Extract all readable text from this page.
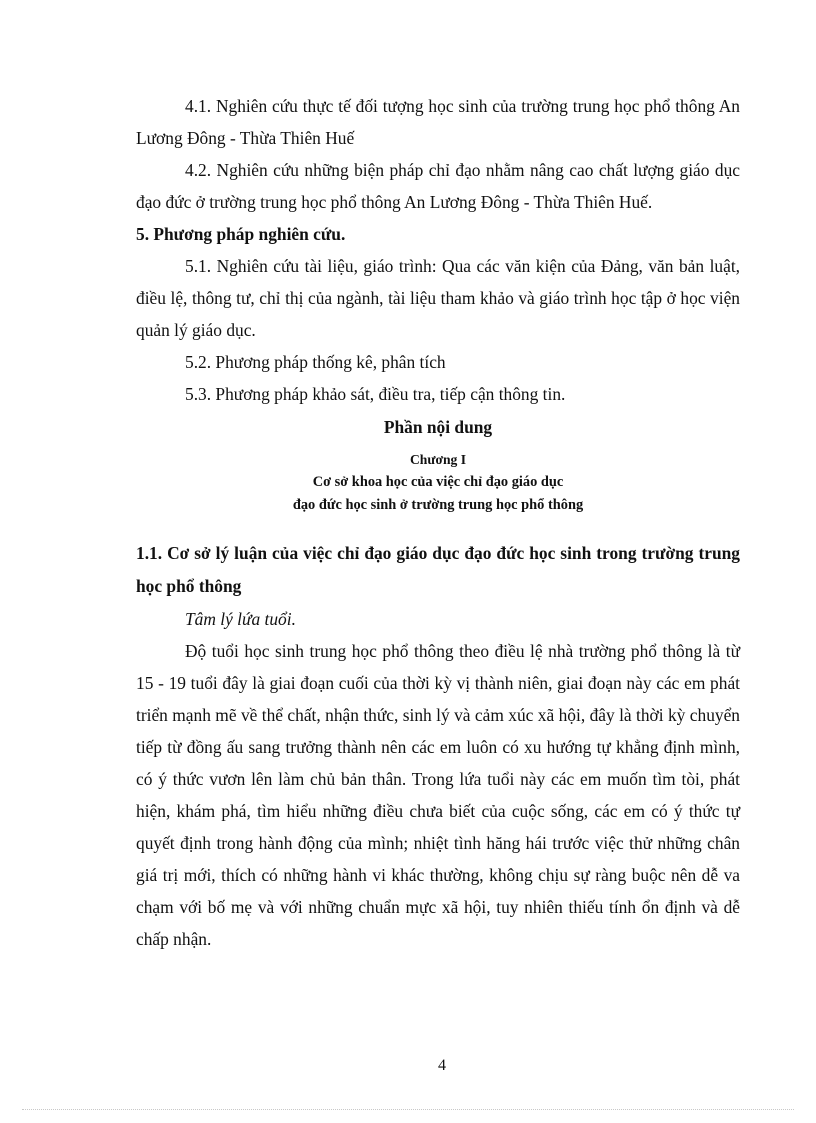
4.1. Nghiên cứu thực tế đối tượng học sinh của trường trung học phổ thông An Lương Đông - Thừa Thiên Huế

4.2. Nghiên cứu những biện pháp chỉ đạo nhằm nâng cao chất lượng giáo dục đạo đức ở trường trung học phổ thông An Lương Đông - Thừa Thiên Huế.

5. Phương pháp nghiên cứu.

5.1. Nghiên cứu tài liệu, giáo trình: Qua các văn kiện của Đảng, văn bản luật, điều lệ, thông tư, chỉ thị của ngành, tài liệu tham khảo và giáo trình học tập ở học viện quản lý giáo dục.

5.2. Phương pháp thống kê, phân tích

5.3. Phương pháp khảo sát, điều tra, tiếp cận thông tin.

Phần nội dung

Chương I

Cơ sở khoa học của việc chỉ đạo giáo dục

đạo đức học sinh ở trường trung học phổ thông

1.1. Cơ sở lý luận của việc chỉ đạo giáo dục đạo đức học sinh trong trường trung học phổ thông

Tâm lý lứa tuổi.

Độ tuổi học sinh trung học phổ thông theo điều lệ nhà trường phổ thông là từ 15 - 19 tuổi đây là giai đoạn cuối của thời kỳ vị thành niên, giai đoạn này các em phát triển mạnh mẽ về thể chất, nhận thức, sinh lý và cảm xúc xã hội, đây là thời kỳ chuyển tiếp từ đồng ấu sang trưởng thành nên các em luôn có xu hướng tự khẳng định mình, có ý thức vươn lên làm chủ bản thân. Trong lứa tuổi này các em muốn tìm tòi, phát hiện, khám phá, tìm hiểu những điều chưa biết của cuộc sống, các em có ý thức tự quyết định trong hành động của mình; nhiệt tình hăng hái trước việc thử những chân giá trị mới, thích có những hành vi khác thường, không chịu sự ràng buộc nên dễ va chạm với bố mẹ và với những chuẩn mực xã hội, tuy nhiên thiếu tính ổn định và dễ chấp nhận.

4
